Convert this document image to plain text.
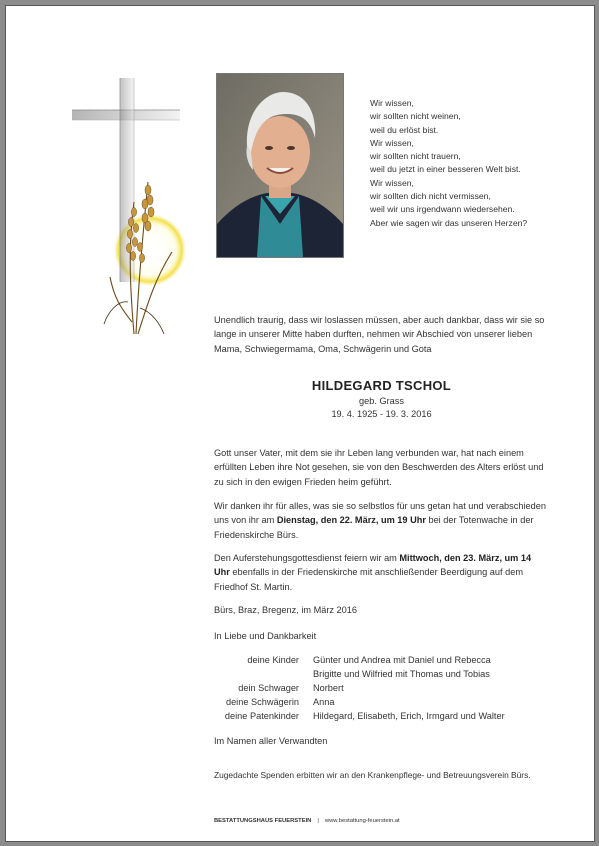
Wir wissen,
wir sollten nicht weinen,
weil du erlöst bist.
Wir wissen,
wir sollten nicht trauern,
weil du jetzt in einer besseren Welt bist.
Wir wissen,
wir sollten dich nicht vermissen,
weil wir uns irgendwann wiedersehen.
Aber wie sagen wir das unseren Herzen?
Unendlich traurig, dass wir loslassen müssen, aber auch dankbar, dass wir sie so lange in unserer Mitte haben durften, nehmen wir Abschied von unserer lieben Mama, Schwiegermama, Oma, Schwägerin und Gota
HILDEGARD TSCHOL
geb. Grass
19. 4. 1925 - 19. 3. 2016
Gott unser Vater, mit dem sie ihr Leben lang verbunden war, hat nach einem erfüllten Leben ihre Not gesehen, sie von den Beschwerden des Alters erlöst und zu sich in den ewigen Frieden heim geführt.
Wir danken ihr für alles, was sie so selbstlos für uns getan hat und verabschieden uns von ihr am Dienstag, den 22. März, um 19 Uhr bei der Totenwache in der Friedenskirche Bürs.
Den Auferstehungsgottesdienst feiern wir am Mittwoch, den 23. März, um 14 Uhr ebenfalls in der Friedenskirche mit anschließender Beerdigung auf dem Friedhof St. Martin.
Bürs, Braz, Bregenz, im März 2016
In Liebe und Dankbarkeit
deine Kinder	Günter und Andrea mit Daniel und Rebecca
Brigitte und Wilfried mit Thomas und Tobias
dein Schwager	Norbert
deine Schwägerin	Anna
deine Patenkinder	Hildegard, Elisabeth, Erich, Irmgard und Walter
Im Namen aller Verwandten
Zugedachte Spenden erbitten wir an den Krankenpflege- und Betreuungsverein Bürs.
BESTATTUNGSHAUS FEUERSTEIN | www.bestattung-feuerstein.at
